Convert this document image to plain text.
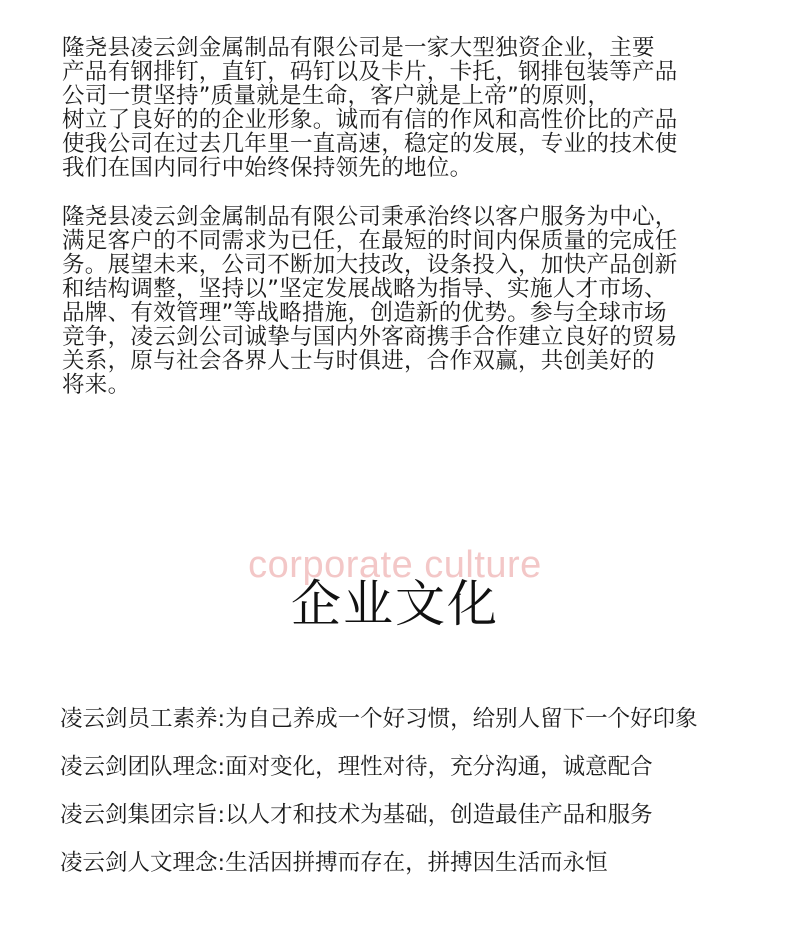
隆尧县凌云剑金属制品有限公司是一家大型独资企业，主要
产品有钢排钉，直钉，码钉以及卡片，卡托，钢排包装等产品
公司一贯坚持”质量就是生命，客户就是上帝”的原则，
树立了良好的的企业形象。诚而有信的作风和高性价比的产品
使我公司在过去几年里一直高速，稳定的发展，专业的技术使
我们在国内同行中始终保持领先的地位。
隆尧县凌云剑金属制品有限公司秉承治终以客户服务为中心，
满足客户的不同需求为已任，在最短的时间内保质量的完成任
务。展望未来，公司不断加大技改，设条投入，加快产品创新
和结构调整，坚持以”坚定发展战略为指导、实施人才市场、
品牌、有效管理”等战略措施，创造新的优势。参与全球市场
竞争，凌云剑公司诚挚与国内外客商携手合作建立良好的贸易
关系，原与社会各界人士与时俱进，合作双赢，共创美好的
将来。
corporate culture
企业文化
凌云剑员工素养:为自己养成一个好习惯，给别人留下一个好印象
凌云剑团队理念:面对变化，理性对待，充分沟通，诚意配合
凌云剑集团宗旨:以人才和技术为基础，创造最佳产品和服务
凌云剑人文理念:生活因拼搏而存在，拼搏因生活而永恒
